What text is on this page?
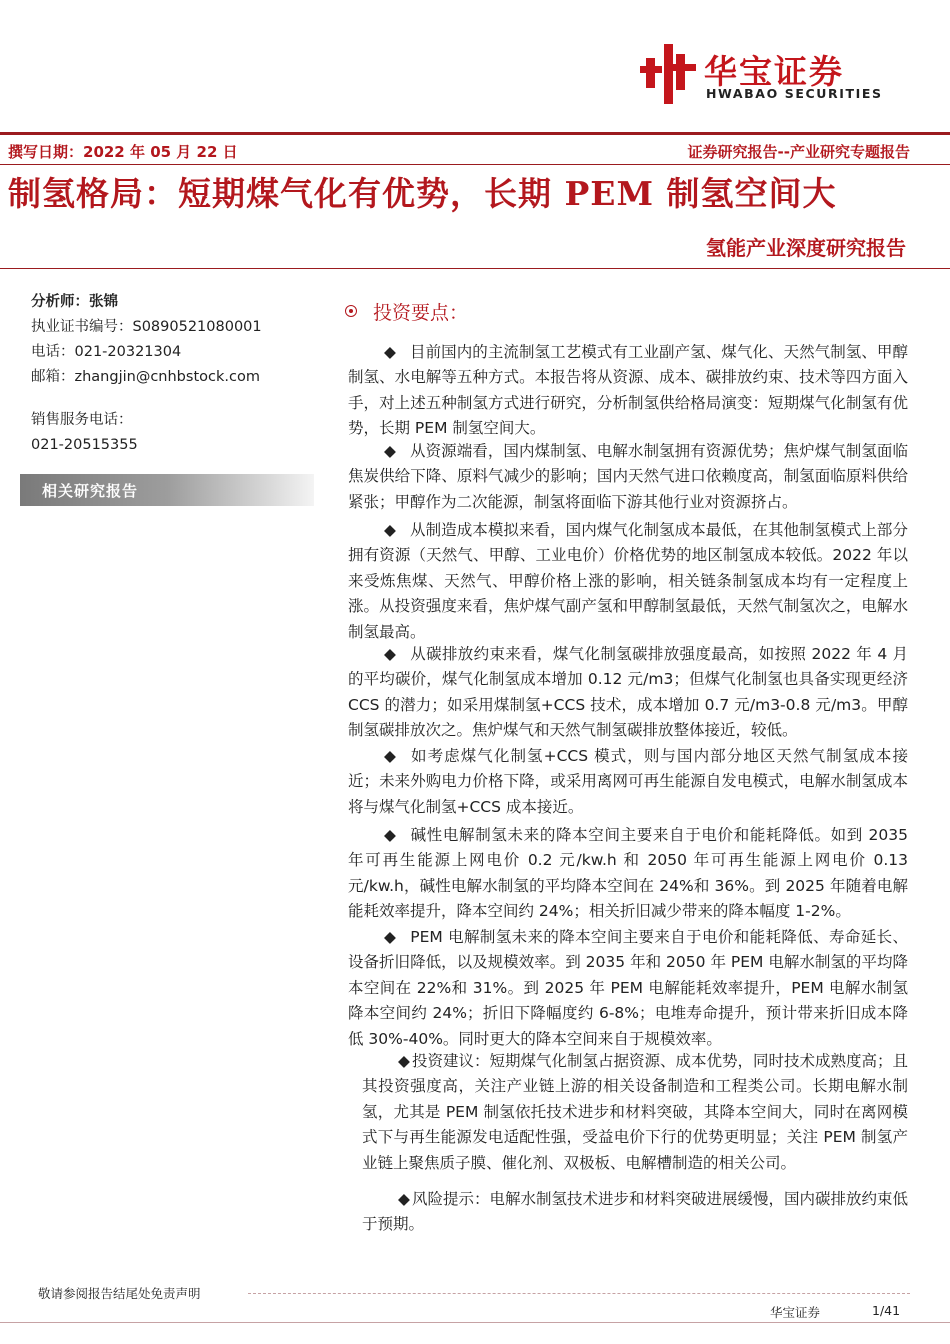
华宝证券
HWABAO SECURITIES
撰写日期：2022 年 05 月 22 日	证券研究报告--产业研究专题报告
制氢格局：短期煤气化有优势，长期 PEM 制氢空间大
氢能产业深度研究报告
分析师：张锦
执业证书编号：S0890521080001
电话：021-20321304
邮箱：zhangjin@cnhbstock.com
销售服务电话：
021-20515355
相关研究报告
投资要点：
◆ 目前国内的主流制氢工艺模式有工业副产氢、煤气化、天然气制氢、甲醇制氢、水电解等五种方式。本报告将从资源、成本、碳排放约束、技术等四方面入手，对上述五种制氢方式进行研究，分析制氢供给格局演变：短期煤气化制氢有优势，长期 PEM 制氢空间大。
◆ 从资源端看，国内煤制氢、电解水制氢拥有资源优势；焦炉煤气制氢面临焦炭供给下降、原料气减少的影响；国内天然气进口依赖度高，制氢面临原料供给紧张；甲醇作为二次能源，制氢将面临下游其他行业对资源挤占。
◆ 从制造成本模拟来看，国内煤气化制氢成本最低，在其他制氢模式上部分拥有资源（天然气、甲醇、工业电价）价格优势的地区制氢成本较低。2022 年以来受炼焦煤、天然气、甲醇价格上涨的影响，相关链条制氢成本均有一定程度上涨。从投资强度来看，焦炉煤气副产氢和甲醇制氢最低，天然气制氢次之，电解水制氢最高。
◆ 从碳排放约束来看，煤气化制氢碳排放强度最高，如按照 2022 年 4 月的平均碳价，煤气化制氢成本增加 0.12 元/m3；但煤气化制氢也具备实现更经济 CCS 的潜力；如采用煤制氢+CCS 技术，成本增加 0.7 元/m3-0.8 元/m3。甲醇制氢碳排放次之。焦炉煤气和天然气制氢碳排放整体接近，较低。
◆ 如考虑煤气化制氢+CCS 模式，则与国内部分地区天然气制氢成本接近；未来外购电力价格下降，或采用离网可再生能源自发电模式，电解水制氢成本将与煤气化制氢+CCS 成本接近。
◆ 碱性电解制氢未来的降本空间主要来自于电价和能耗降低。如到 2035 年可再生能源上网电价 0.2 元/kw.h 和 2050 年可再生能源上网电价 0.13 元/kw.h，碱性电解水制氢的平均降本空间在 24%和 36%。到 2025 年随着电解能耗效率提升，降本空间约 24%；相关折旧减少带来的降本幅度 1-2%。
◆ PEM 电解制氢未来的降本空间主要来自于电价和能耗降低、寿命延长、设备折旧降低，以及规模效率。到 2035 年和 2050 年 PEM 电解水制氢的平均降本空间在 22%和 31%。到 2025 年 PEM 电解能耗效率提升，PEM 电解水制氢降本空间约 24%；折旧下降幅度约 6-8%；电堆寿命提升，预计带来折旧成本降低 30%-40%。同时更大的降本空间来自于规模效率。
◆ 投资建议：短期煤气化制氢占据资源、成本优势，同时技术成熟度高；且其投资强度高，关注产业链上游的相关设备制造和工程类公司。长期电解水制氢，尤其是 PEM 制氢依托技术进步和材料突破，其降本空间大，同时在离网模式下与再生能源发电适配性强，受益电价下行的优势更明显；关注 PEM 制氢产业链上聚焦质子膜、催化剂、双极板、电解槽制造的相关公司。
◆ 风险提示：电解水制氢技术进步和材料突破进展缓慢，国内碳排放约束低于预期。
敬请参阅报告结尾处免责声明
华宝证券	1/41
